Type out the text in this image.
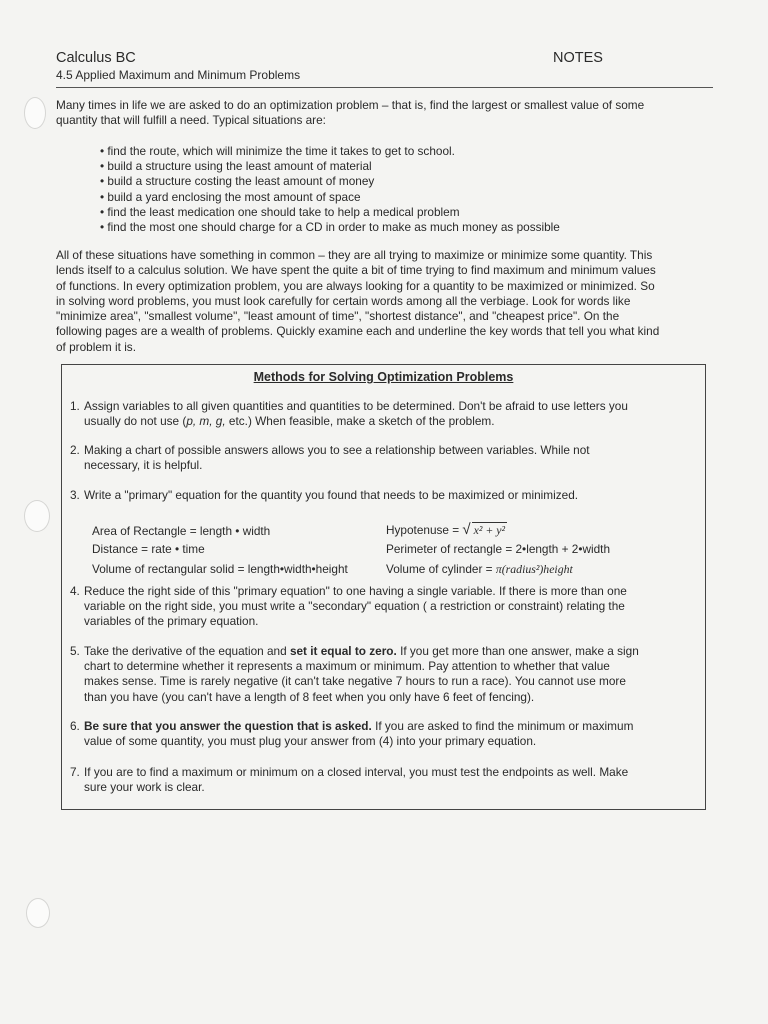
Calculus BC	NOTES
4.5 Applied Maximum and Minimum Problems
Many times in life we are asked to do an optimization problem – that is, find the largest or smallest value of some
quantity that will fulfill a need. Typical situations are:
• find the route, which will minimize the time it takes to get to school.
• build a structure using the least amount of material
• build a structure costing the least amount of money
• build a yard enclosing the most amount of space
• find the least medication one should take to help a medical problem
• find the most one should charge for a CD in order to make as much money as possible
All of these situations have something in common – they are all trying to maximize or minimize some quantity. This
lends itself to a calculus solution. We have spent the quite a bit of time trying to find maximum and minimum values
of functions. In every optimization problem, you are always looking for a quantity to be maximized or minimized. So
in solving word problems, you must look carefully for certain words among all the verbiage. Look for words like
"minimize area", "smallest volume", "least amount of time", "shortest distance", and "cheapest price". On the
following pages are a wealth of problems. Quickly examine each and underline the key words that tell you what kind
of problem it is.
Methods for Solving Optimization Problems
1. Assign variables to all given quantities and quantities to be determined. Don't be afraid to use letters you
usually do not use (p, m, g, etc.) When feasible, make a sketch of the problem.
2. Making a chart of possible answers allows you to see a relationship between variables. While not
necessary, it is helpful.
3. Write a "primary" equation for the quantity you found that needs to be maximized or minimized.
Area of Rectangle = length • width
Distance = rate • time
Volume of rectangular solid = length•width•height
Hypotenuse = √ x² + y²
Perimeter of rectangle = 2•length + 2•width
Volume of cylinder = π(radius²)height
4. Reduce the right side of this "primary equation" to one having a single variable. If there is more than one
variable on the right side, you must write a "secondary" equation ( a restriction or constraint) relating the
variables of the primary equation.
5. Take the derivative of the equation and set it equal to zero. If you get more than one answer, make a sign
chart to determine whether it represents a maximum or minimum. Pay attention to whether that value
makes sense. Time is rarely negative (it can't take negative 7 hours to run a race). You cannot use more
than you have (you can't have a length of 8 feet when you only have 6 feet of fencing).
6. Be sure that you answer the question that is asked. If you are asked to find the minimum or maximum
value of some quantity, you must plug your answer from (4) into your primary equation.
7. If you are to find a maximum or minimum on a closed interval, you must test the endpoints as well. Make
sure your work is clear.
